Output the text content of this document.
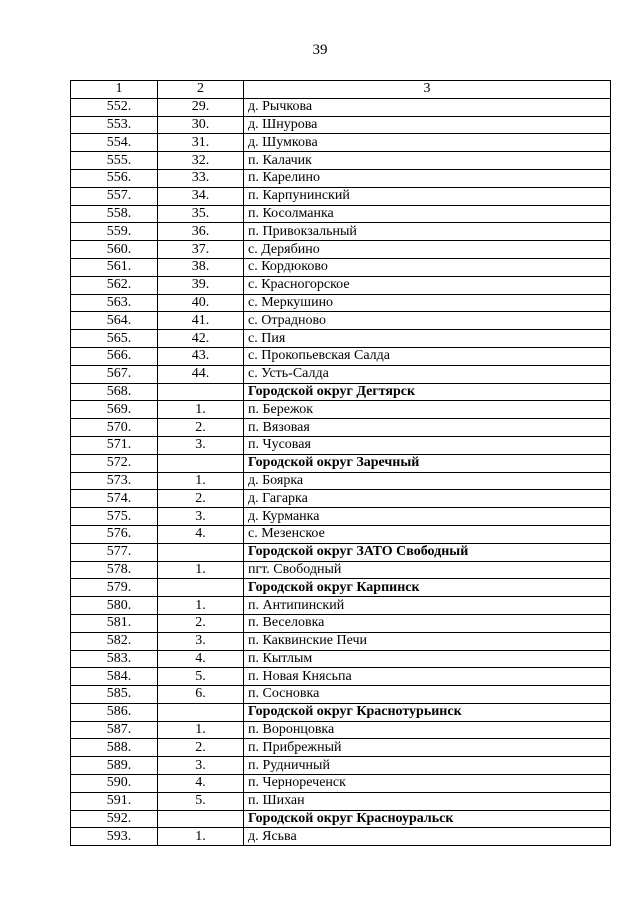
39
1	2	3
552.	29.	д. Рычкова
553.	30.	д. Шнурова
554.	31.	д. Шумкова
555.	32.	п. Калачик
556.	33.	п. Карелино
557.	34.	п. Карпунинский
558.	35.	п. Косолманка
559.	36.	п. Привокзальный
560.	37.	с. Дерябино
561.	38.	с. Кордюково
562.	39.	с. Красногорское
563.	40.	с. Меркушино
564.	41.	с. Отрадново
565.	42.	с. Пия
566.	43.	с. Прокопьевская Салда
567.	44.	с. Усть-Салда
568.		Городской округ Дегтярск
569.	1.	п. Бережок
570.	2.	п. Вязовая
571.	3.	п. Чусовая
572.		Городской округ Заречный
573.	1.	д. Боярка
574.	2.	д. Гагарка
575.	3.	д. Курманка
576.	4.	с. Мезенское
577.		Городской округ ЗАТО Свободный
578.	1.	пгт. Свободный
579.		Городской округ Карпинск
580.	1.	п. Антипинский
581.	2.	п. Веселовка
582.	3.	п. Каквинские Печи
583.	4.	п. Кытлым
584.	5.	п. Новая Княсьпа
585.	6.	п. Сосновка
586.		Городской округ Краснотурьинск
587.	1.	п. Воронцовка
588.	2.	п. Прибрежный
589.	3.	п. Рудничный
590.	4.	п. Чернореченск
591.	5.	п. Шихан
592.		Городской округ Красноуральск
593.	1.	д. Ясьва
